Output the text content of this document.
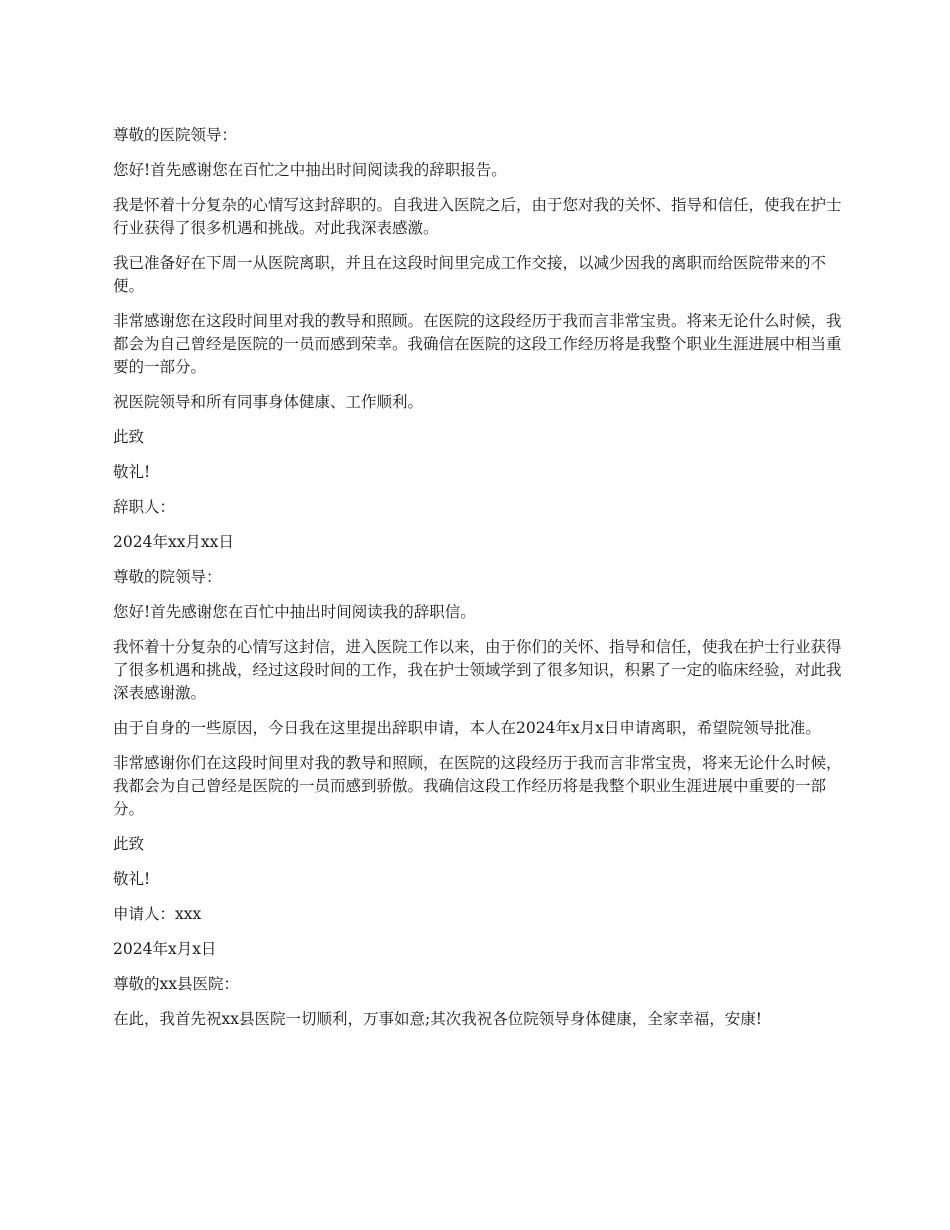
尊敬的医院领导：

您好!首先感谢您在百忙之中抽出时间阅读我的辞职报告。

我是怀着十分复杂的心情写这封辞职的。自我进入医院之后，由于您对我的关怀、指导和信任，使我在护士行业获得了很多机遇和挑战。对此我深表感激。

我已准备好在下周一从医院离职，并且在这段时间里完成工作交接，以减少因我的离职而给医院带来的不便。

非常感谢您在这段时间里对我的教导和照顾。在医院的这段经历于我而言非常宝贵。将来无论什么时候，我都会为自己曾经是医院的一员而感到荣幸。我确信在医院的这段工作经历将是我整个职业生涯进展中相当重要的一部分。

祝医院领导和所有同事身体健康、工作顺利。

此致

敬礼!

辞职人：

2024年xx月xx日

尊敬的院领导：

您好!首先感谢您在百忙中抽出时间阅读我的辞职信。

我怀着十分复杂的心情写这封信，进入医院工作以来，由于你们的关怀、指导和信任，使我在护士行业获得了很多机遇和挑战，经过这段时间的工作，我在护士领域学到了很多知识，积累了一定的临床经验，对此我深表感谢激。

由于自身的一些原因，今日我在这里提出辞职申请，本人在2024年x月x日申请离职，希望院领导批准。

非常感谢你们在这段时间里对我的教导和照顾，在医院的这段经历于我而言非常宝贵，将来无论什么时候，我都会为自己曾经是医院的一员而感到骄傲。我确信这段工作经历将是我整个职业生涯进展中重要的一部分。

此致

敬礼!

申请人：xxx

2024年x月x日

尊敬的xx县医院：

在此，我首先祝xx县医院一切顺利，万事如意;其次我祝各位院领导身体健康，全家幸福，安康!
